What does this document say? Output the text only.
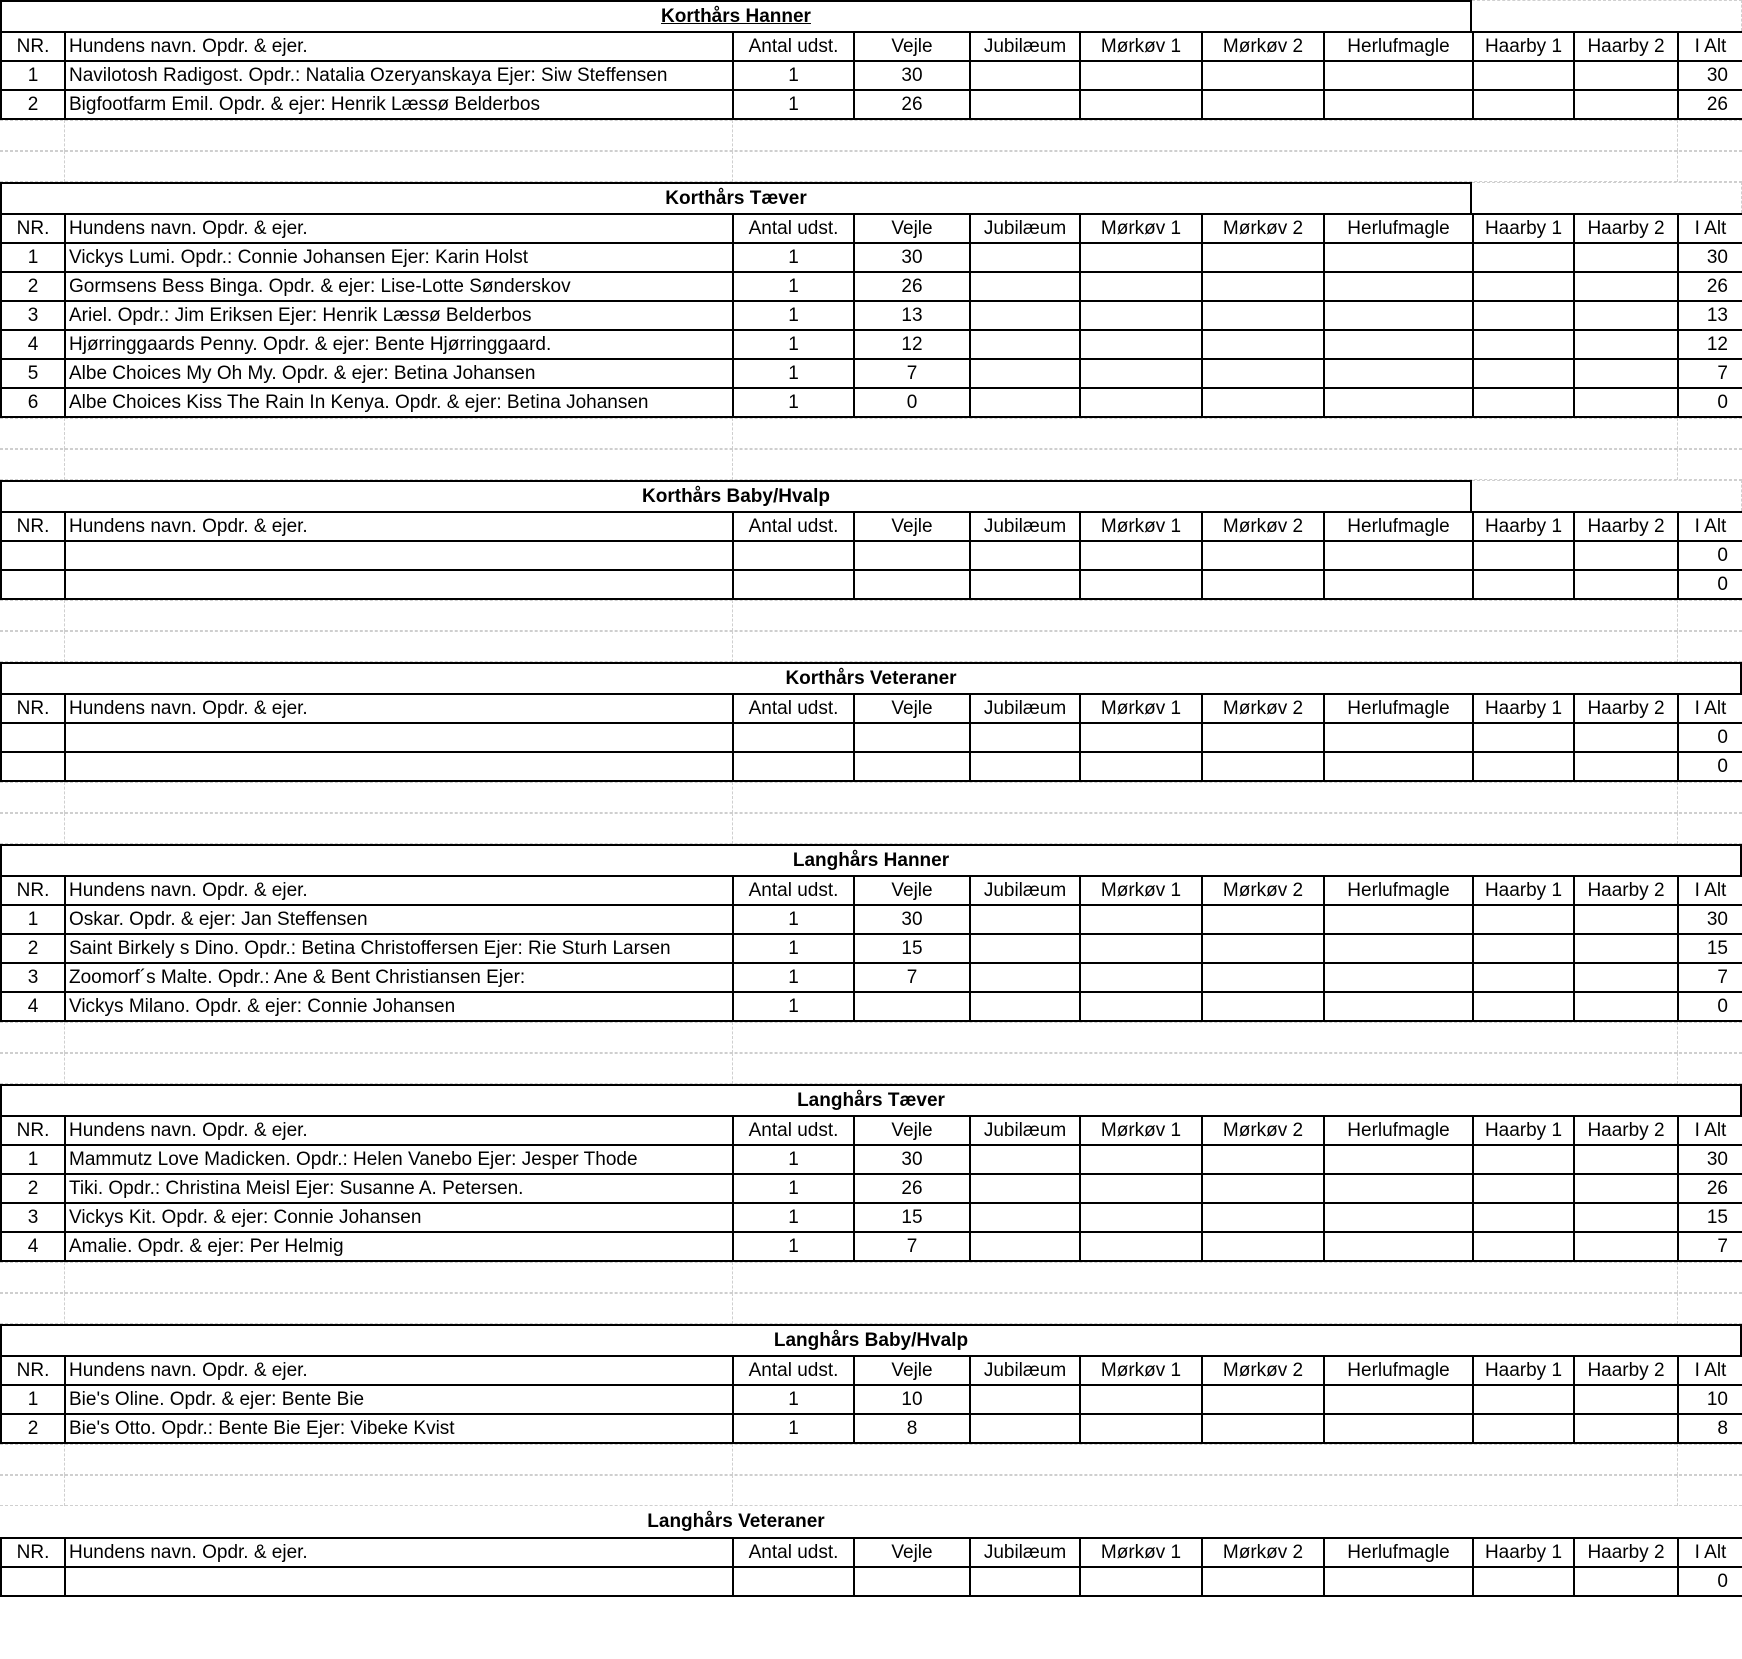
Korthårs Hanner
NR.	Hundens navn. Opdr. & ejer.	Antal udst.	Vejle	Jubilæum	Mørkøv 1	Mørkøv 2	Herlufmagle	Haarby 1	Haarby 2	I Alt
1	Navilotosh Radigost. Opdr.: Natalia Ozeryanskaya Ejer: Siw Steffensen	1	30							30
2	Bigfootfarm Emil. Opdr. & ejer: Henrik Læssø Belderbos	1	26							26
Korthårs Tæver
NR.	Hundens navn. Opdr. & ejer.	Antal udst.	Vejle	Jubilæum	Mørkøv 1	Mørkøv 2	Herlufmagle	Haarby 1	Haarby 2	I Alt
1	Vickys Lumi. Opdr.: Connie Johansen Ejer: Karin Holst	1	30							30
2	Gormsens Bess Binga. Opdr. & ejer: Lise-Lotte Sønderskov	1	26							26
3	Ariel. Opdr.: Jim Eriksen Ejer: Henrik Læssø Belderbos	1	13							13
4	Hjørringgaards Penny. Opdr. & ejer: Bente Hjørringgaard.	1	12							12
5	Albe Choices My Oh My. Opdr. & ejer: Betina Johansen	1	7							7
6	Albe Choices Kiss The Rain In Kenya. Opdr. & ejer: Betina Johansen	1	0							0
Korthårs Baby/Hvalp
NR.	Hundens navn. Opdr. & ejer.	Antal udst.	Vejle	Jubilæum	Mørkøv 1	Mørkøv 2	Herlufmagle	Haarby 1	Haarby 2	I Alt
										0
										0
Korthårs Veteraner
NR.	Hundens navn. Opdr. & ejer.	Antal udst.	Vejle	Jubilæum	Mørkøv 1	Mørkøv 2	Herlufmagle	Haarby 1	Haarby 2	I Alt
										0
										0
Langhårs Hanner
NR.	Hundens navn. Opdr. & ejer.	Antal udst.	Vejle	Jubilæum	Mørkøv 1	Mørkøv 2	Herlufmagle	Haarby 1	Haarby 2	I Alt
1	Oskar. Opdr. & ejer: Jan Steffensen	1	30							30
2	Saint Birkely s Dino. Opdr.: Betina Christoffersen Ejer: Rie Sturh Larsen	1	15							15
3	Zoomorf´s Malte. Opdr.: Ane & Bent Christiansen Ejer:	1	7							7
4	Vickys Milano. Opdr. & ejer: Connie Johansen	1								0
Langhårs Tæver
NR.	Hundens navn. Opdr. & ejer.	Antal udst.	Vejle	Jubilæum	Mørkøv 1	Mørkøv 2	Herlufmagle	Haarby 1	Haarby 2	I Alt
1	Mammutz Love Madicken. Opdr.: Helen Vanebo Ejer: Jesper Thode	1	30							30
2	Tiki. Opdr.: Christina Meisl Ejer: Susanne A. Petersen.	1	26							26
3	Vickys Kit. Opdr. & ejer: Connie Johansen	1	15							15
4	Amalie. Opdr. & ejer: Per Helmig	1	7							7
Langhårs Baby/Hvalp
NR.	Hundens navn. Opdr. & ejer.	Antal udst.	Vejle	Jubilæum	Mørkøv 1	Mørkøv 2	Herlufmagle	Haarby 1	Haarby 2	I Alt
1	Bie's Oline. Opdr. & ejer: Bente Bie	1	10							10
2	Bie's Otto. Opdr.: Bente Bie Ejer: Vibeke Kvist	1	8							8
Langhårs Veteraner
NR.	Hundens navn. Opdr. & ejer.	Antal udst.	Vejle	Jubilæum	Mørkøv 1	Mørkøv 2	Herlufmagle	Haarby 1	Haarby 2	I Alt
										0
